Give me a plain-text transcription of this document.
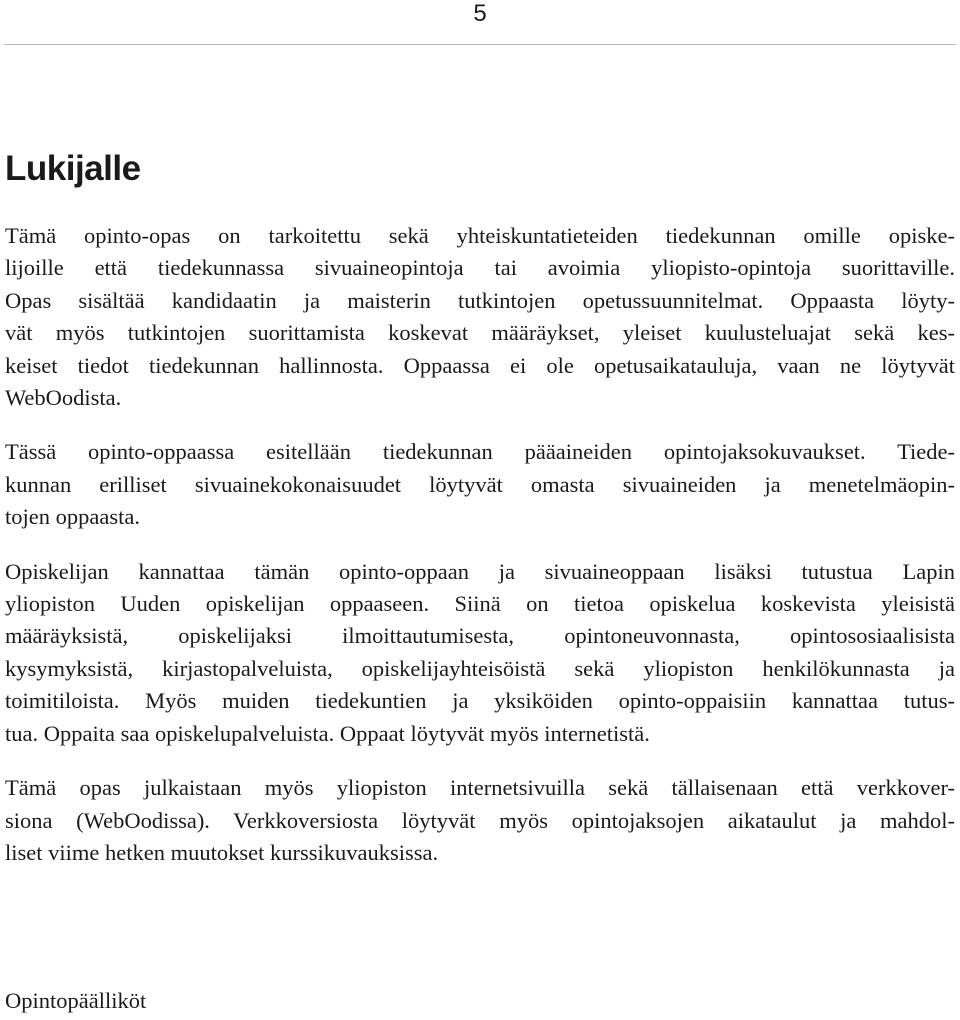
5
Lukijalle

Tämä opinto-opas on tarkoitettu sekä yhteiskuntatieteiden tiedekunnan omille opiske-
lijoille että tiedekunnassa sivuaineopintoja tai avoimia yliopisto-opintoja suorittaville.
Opas sisältää kandidaatin ja maisterin tutkintojen opetussuunnitelmat. Oppaasta löyty-
vät myös tutkintojen suorittamista koskevat määräykset, yleiset kuulusteluajat sekä kes-
keiset tiedot tiedekunnan hallinnosta. Oppaassa ei ole opetusaikatauluja, vaan ne löytyvät
WebOodista.

Tässä opinto-oppaassa esitellään tiedekunnan pääaineiden opintojaksokuvaukset. Tiede-
kunnan erilliset sivuainekokonaisuudet löytyvät omasta sivuaineiden ja menetelmäopin-
tojen oppaasta.

Opiskelijan kannattaa tämän opinto-oppaan ja sivuaineoppaan lisäksi tutustua Lapin
yliopiston Uuden opiskelijan oppaaseen. Siinä on tietoa opiskelua koskevista yleisistä
määräyksistä, opiskelijaksi ilmoittautumisesta, opintoneuvonnasta, opintososiaalisista
kysymyksistä, kirjastopalveluista, opiskelijayhteisöistä sekä yliopiston henkilökunnasta ja
toimitiloista. Myös muiden tiedekuntien ja yksiköiden opinto-oppaisiin kannattaa tutus-
tua. Oppaita saa opiskelupalveluista. Oppaat löytyvät myös internetistä.

Tämä opas julkaistaan myös yliopiston internetsivuilla sekä tällaisenaan että verkkover-
siona (WebOodissa). Verkkoversiosta löytyvät myös opintojaksojen aikataulut ja mahdol-
liset viime hetken muutokset kurssikuvauksissa.

Opintopäälliköt
